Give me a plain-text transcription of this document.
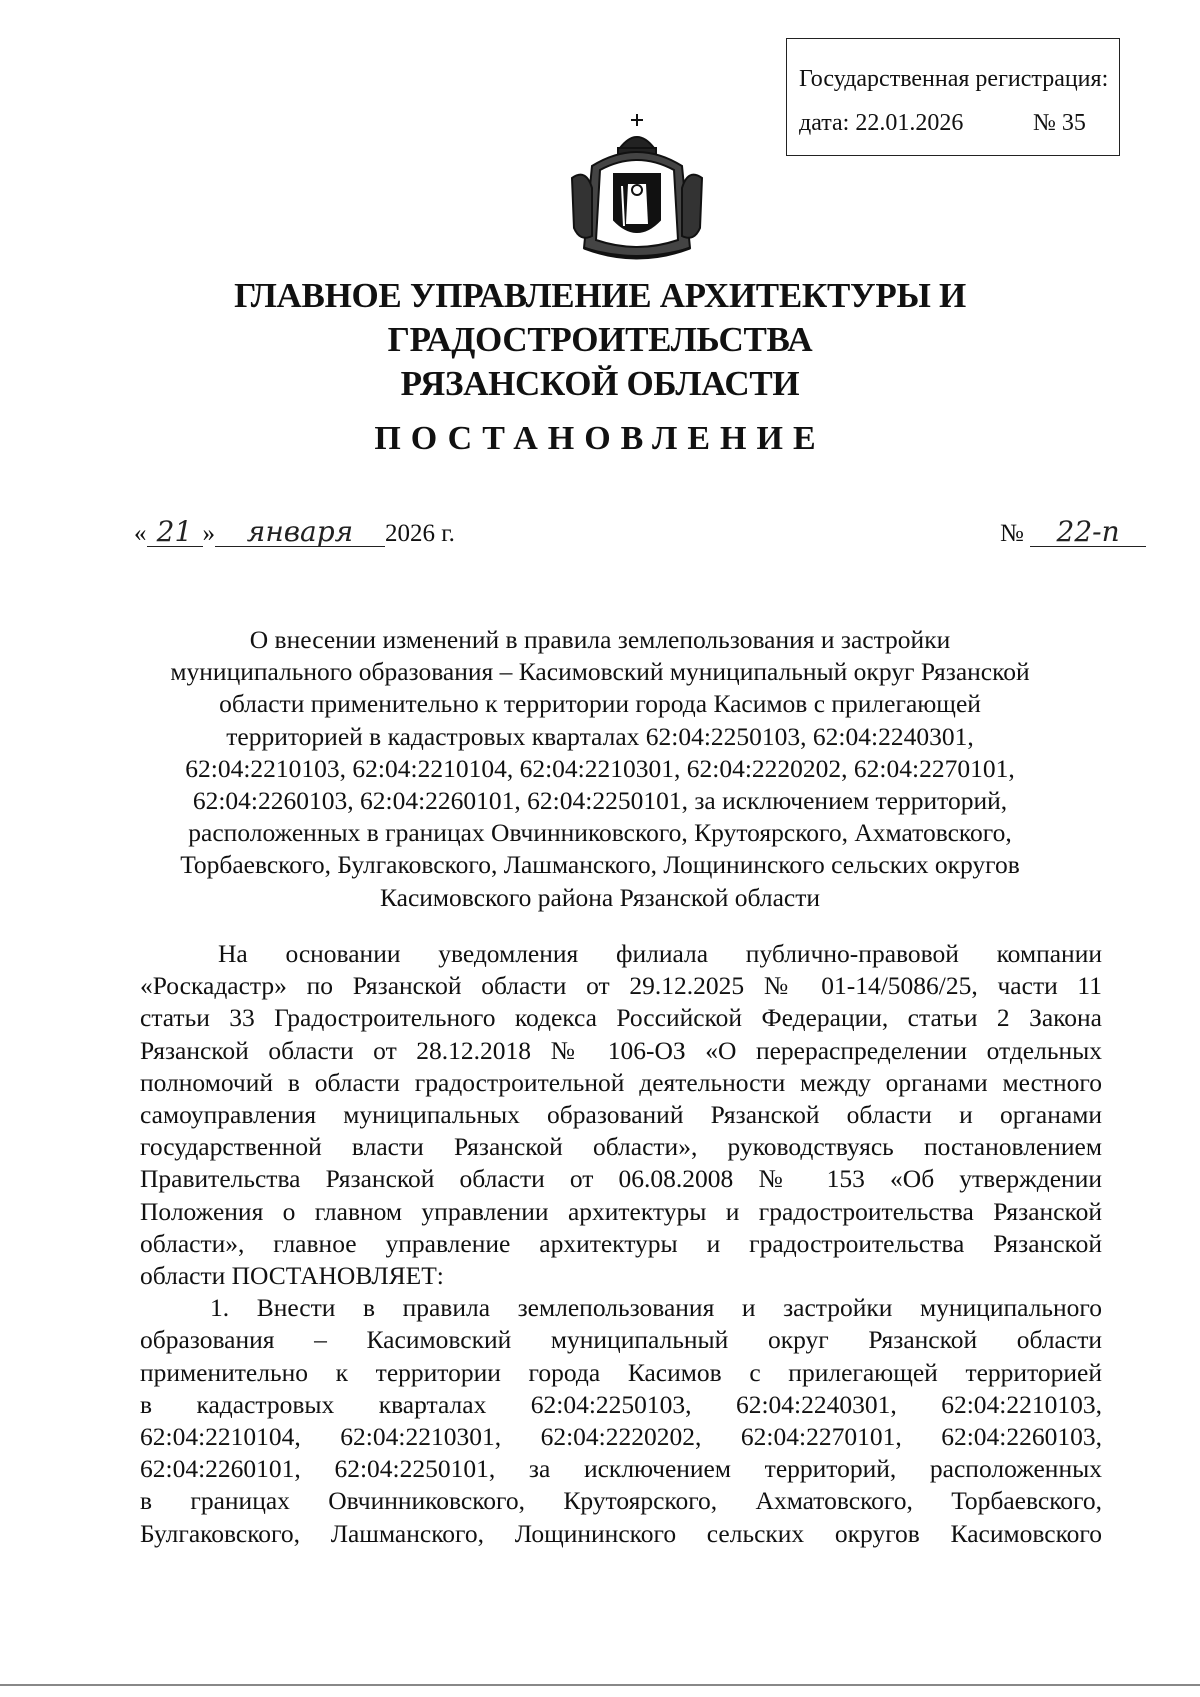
Государственная регистрация:
дата: 22.01.2026	№ 35
ГЛАВНОЕ УПРАВЛЕНИЕ АРХИТЕКТУРЫ И ГРАДОСТРОИТЕЛЬСТВА
РЯЗАНСКОЙ ОБЛАСТИ
ПОСТАНОВЛЕНИЕ
« 21 » января 2026 г.	№ 22-п
О внесении изменений в правила землепользования и застройки
муниципального образования – Касимовский муниципальный округ Рязанской
области применительно к территории города Касимов с прилегающей
территорией в кадастровых кварталах 62:04:2250103, 62:04:2240301,
62:04:2210103, 62:04:2210104, 62:04:2210301, 62:04:2220202, 62:04:2270101,
62:04:2260103, 62:04:2260101, 62:04:2250101, за исключением территорий,
расположенных в границах Овчинниковского, Крутоярского, Ахматовского,
Торбаевского, Булгаковского, Лашманского, Лощининского сельских округов
Касимовского района Рязанской области
На основании уведомления филиала публично-правовой компании
«Роскадастр» по Рязанской области от 29.12.2025 № 01-14/5086/25, части 11
статьи 33 Градостроительного кодекса Российской Федерации, статьи 2 Закона
Рязанской области от 28.12.2018 № 106-ОЗ «О перераспределении отдельных
полномочий в области градостроительной деятельности между органами местного
самоуправления муниципальных образований Рязанской области и органами
государственной власти Рязанской области», руководствуясь постановлением
Правительства Рязанской области от 06.08.2008 № 153 «Об утверждении
Положения о главном управлении архитектуры и градостроительства Рязанской
области», главное управление архитектуры и градостроительства Рязанской
области ПОСТАНОВЛЯЕТ:
1. Внести в правила землепользования и застройки муниципального
образования – Касимовский муниципальный округ Рязанской области
применительно к территории города Касимов с прилегающей территорией
в кадастровых кварталах 62:04:2250103, 62:04:2240301, 62:04:2210103,
62:04:2210104, 62:04:2210301, 62:04:2220202, 62:04:2270101, 62:04:2260103,
62:04:2260101, 62:04:2250101, за исключением территорий, расположенных
в границах Овчинниковского, Крутоярского, Ахматовского, Торбаевского,
Булгаковского, Лашманского, Лощининского сельских округов Касимовского
